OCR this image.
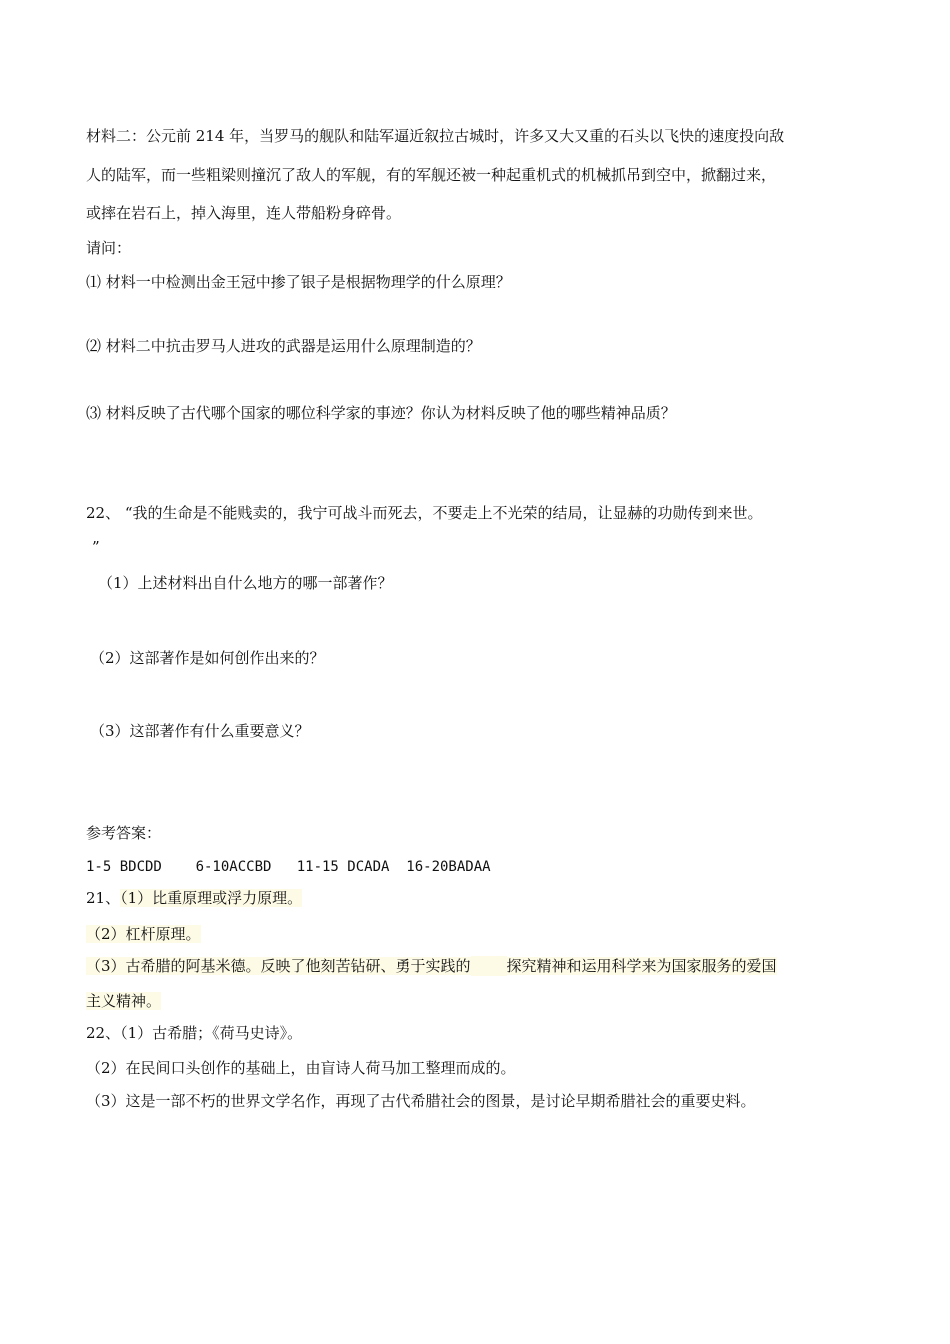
材料二：公元前 214 年，当罗马的舰队和陆军逼近叙拉古城时，许多又大又重的石头以飞快的速度投向敌
人的陆军，而一些粗梁则撞沉了敌人的军舰，有的军舰还被一种起重机式的机械抓吊到空中，掀翻过来，
或摔在岩石上，掉入海里，连人带船粉身碎骨。
请问：
⑴ 材料一中检测出金王冠中掺了银子是根据物理学的什么原理？
⑵ 材料二中抗击罗马人进攻的武器是运用什么原理制造的？
⑶ 材料反映了古代哪个国家的哪位科学家的事迹？你认为材料反映了他的哪些精神品质？
22、 “我的生命是不能贱卖的，我宁可战斗而死去，不要走上不光荣的结局，让显赫的功勋传到来世。
”
（1）上述材料出自什么地方的哪一部著作？
（2）这部著作是如何创作出来的？
（3）这部著作有什么重要意义？
参考答案：
1-5 BDCDD    6-10ACCBD   11-15 DCADA  16-20BADAA
21、（1）比重原理或浮力原理。
（2）杠杆原理。
（3）古希腊的阿基米德。反映了他刻苦钻研、勇于实践的 探究精神和运用科学来为国家服务的爱国
主义精神。
22、（1）古希腊；《荷马史诗》。
（2）在民间口头创作的基础上，由盲诗人荷马加工整理而成的。
（3）这是一部不朽的世界文学名作，再现了古代希腊社会的图景，是讨论早期希腊社会的重要史料。
